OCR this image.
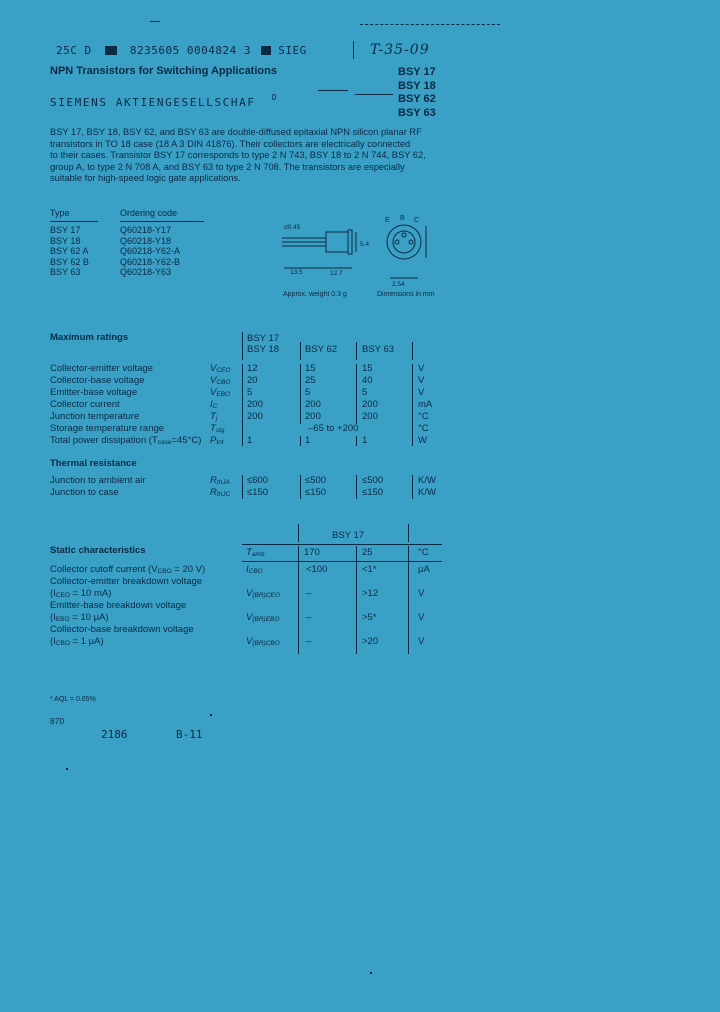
25C D	8235605 0004824 3 SIEG	T-35-09
NPN Transistors for Switching Applications
SIEMENS AKTIENGESELLSCHAF $^D$
BSY 17
BSY 18
BSY 62
BSY 63
BSY 17, BSY 18, BSY 62, and BSY 63 are double-diffused epitaxial NPN silicon planar RF
transistors in TO 18 case (18 A 3 DIN 41876). Their collectors are electrically connected
to their cases. Transistor BSY 17 corresponds to type 2 N 743, BSY 18 to 2 N 744, BSY 62,
group A, to type 2 N 708 A, and BSY 63 to type 2 N 708. The transistors are especially
suitable for high-speed logic gate applications.
Type	Ordering code
BSY 17	Q60218-Y17
BSY 18	Q60218-Y18
BSY 62 A	Q60218-Y62-A
BSY 62 B	Q60218-Y62-B
BSY 63	Q60218-Y63
d0.45
13.5	12.7
5.4
E B C
2.54
Approx. weight 0.3 g	Dimensions in mm
Maximum ratings	BSY 17
BSY 18	BSY 62	BSY 63
Collector-emitter voltage	$V_{CEO}$ 12	15	15	V
Collector-base voltage	$V_{CBO}$ 20	25	40	V
Emitter-base voltage	$V_{EBO}$ 5	5	5	V
Collector current	$I_C$	200	200	200	mA
Junction temperature	$T_j$	200	200	200	°C
Storage temperature range	$T_{stg}$	–65 to +200	°C
Total power dissipation $(T_{case}=45^\circ C)$ $P_{tot}$ 1	1	1	W
Thermal resistance
Junction to ambient air	$R_{thJA} \le 600$	≤500	≤500	K/W
Junction to case	$R_{thJC} \le 150$	≤150	≤150	K/W
BSY 17
Static characteristics	$T_{amb}$	170	25	°C
Collector cutoff current ($V_{CBO} = 20$ V)	$I_{CBO}$	<100	<1*	μA
Collector-emitter breakdown voltage
($I_{CEO} = 10$ mA)	$V_{(BR)CEO}$	–	>12	V
Emitter-base breakdown voltage
($I_{EBO} = 10$ μA)	$V_{(BR)EBO}$	–	>5*	V
Collector-base breakdown voltage
($I_{CBO} = 1$ μA)	$V_{(BR)CBO}$	–	>20	V
* AQL = 0.65%
870
2186	B-11
